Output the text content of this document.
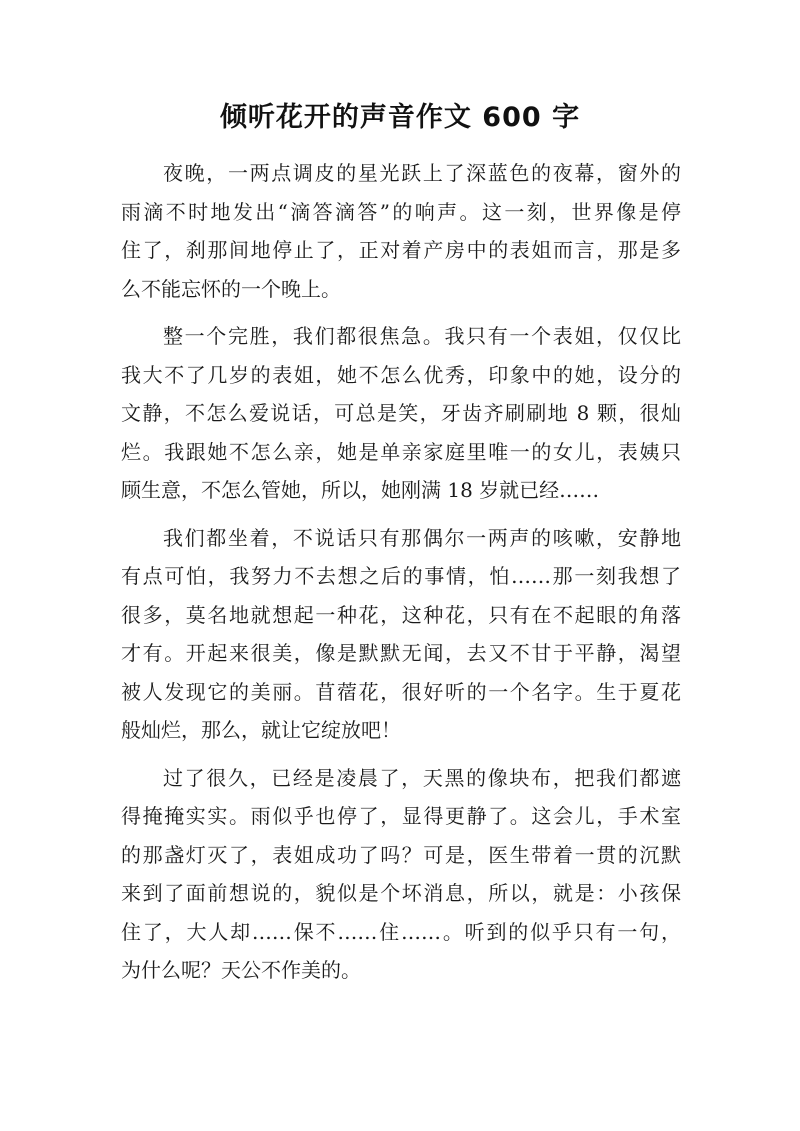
倾听花开的声音作文 600 字
夜晚，一两点调皮的星光跃上了深蓝色的夜幕，窗外的
雨滴不时地发出“滴答滴答”的响声。这一刻，世界像是停
住了，刹那间地停止了，正对着产房中的表姐而言，那是多
么不能忘怀的一个晚上。
整一个完胜，我们都很焦急。我只有一个表姐，仅仅比
我大不了几岁的表姐，她不怎么优秀，印象中的她，设分的
文静，不怎么爱说话，可总是笑，牙齿齐刷刷地 8 颗，很灿
烂。我跟她不怎么亲，她是单亲家庭里唯一的女儿，表姨只
顾生意，不怎么管她，所以，她刚满 18 岁就已经……
我们都坐着，不说话只有那偶尔一两声的咳嗽，安静地
有点可怕，我努力不去想之后的事情，怕……那一刻我想了
很多，莫名地就想起一种花，这种花，只有在不起眼的角落
才有。开起来很美，像是默默无闻，去又不甘于平静，渴望
被人发现它的美丽。苜蓿花，很好听的一个名字。生于夏花
般灿烂，那么，就让它绽放吧！
过了很久，已经是凌晨了，天黑的像块布，把我们都遮
得掩掩实实。雨似乎也停了，显得更静了。这会儿，手术室
的那盏灯灭了，表姐成功了吗？可是，医生带着一贯的沉默
来到了面前想说的，貌似是个坏消息，所以，就是：小孩保
住了，大人却……保不……住……。听到的似乎只有一句，
为什么呢？天公不作美的。
